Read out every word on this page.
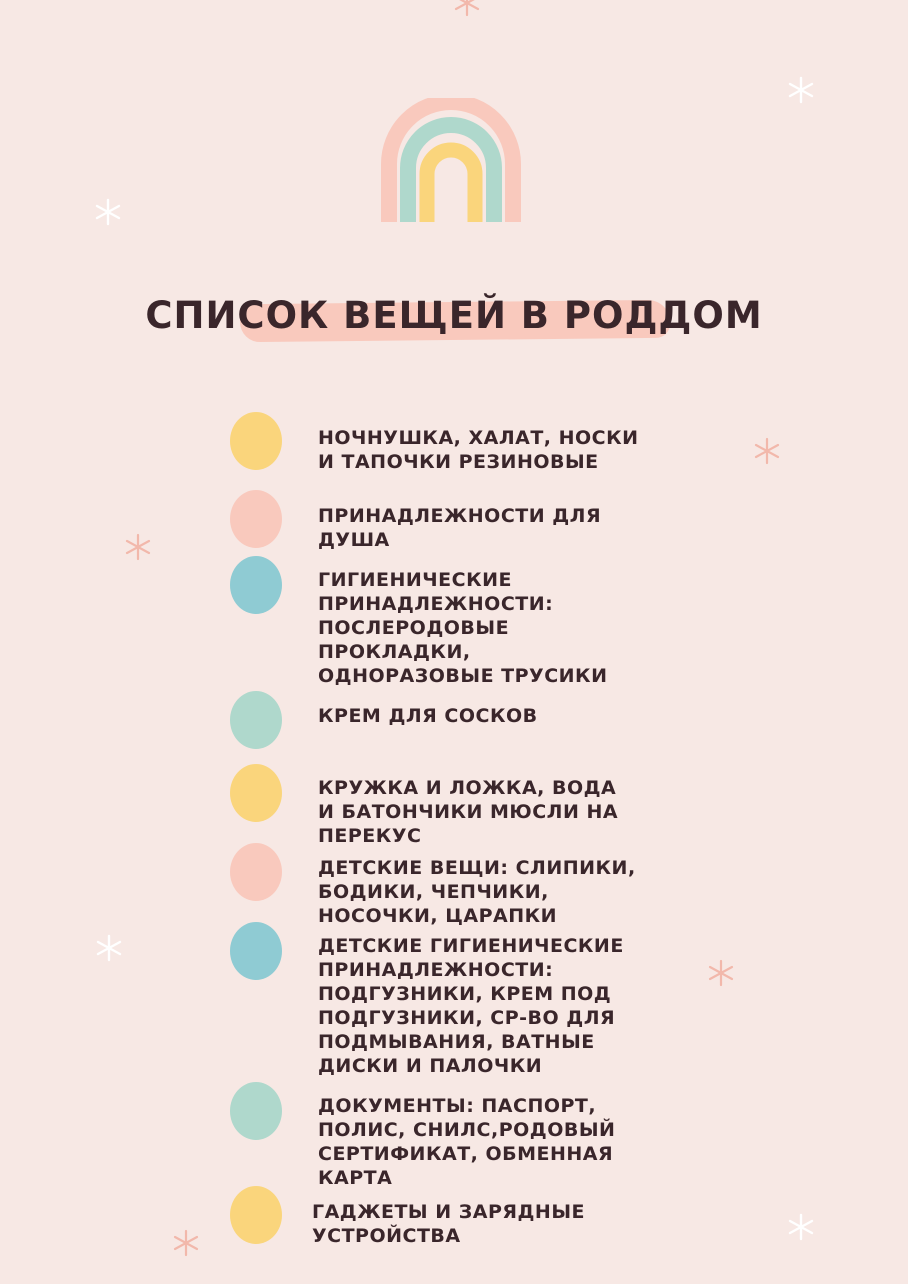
СПИСОК ВЕЩЕЙ В РОДДОМ
НОЧНУШКА, ХАЛАТ, НОСКИ И ТАПОЧКИ РЕЗИНОВЫЕ
ПРИНАДЛЕЖНОСТИ ДЛЯ ДУША
ГИГИЕНИЧЕСКИЕ ПРИНАДЛЕЖНОСТИ: ПОСЛЕРОДОВЫЕ ПРОКЛАДКИ, ОДНОРАЗОВЫЕ ТРУСИКИ
КРЕМ ДЛЯ СОСКОВ
КРУЖКА И ЛОЖКА, ВОДА И БАТОНЧИКИ МЮСЛИ НА ПЕРЕКУС
ДЕТСКИЕ ВЕЩИ: СЛИПИКИ, БОДИКИ, ЧЕПЧИКИ, НОСОЧКИ, ЦАРАПКИ
ДЕТСКИЕ ГИГИЕНИЧЕСКИЕ ПРИНАДЛЕЖНОСТИ: ПОДГУЗНИКИ, КРЕМ ПОД ПОДГУЗНИКИ, СР-ВО ДЛЯ ПОДМЫВАНИЯ, ВАТНЫЕ ДИСКИ И ПАЛОЧКИ
ДОКУМЕНТЫ: ПАСПОРТ, ПОЛИС, СНИЛС,РОДОВЫЙ СЕРТИФИКАТ, ОБМЕННАЯ КАРТА
ГАДЖЕТЫ И ЗАРЯДНЫЕ УСТРОЙСТВА
